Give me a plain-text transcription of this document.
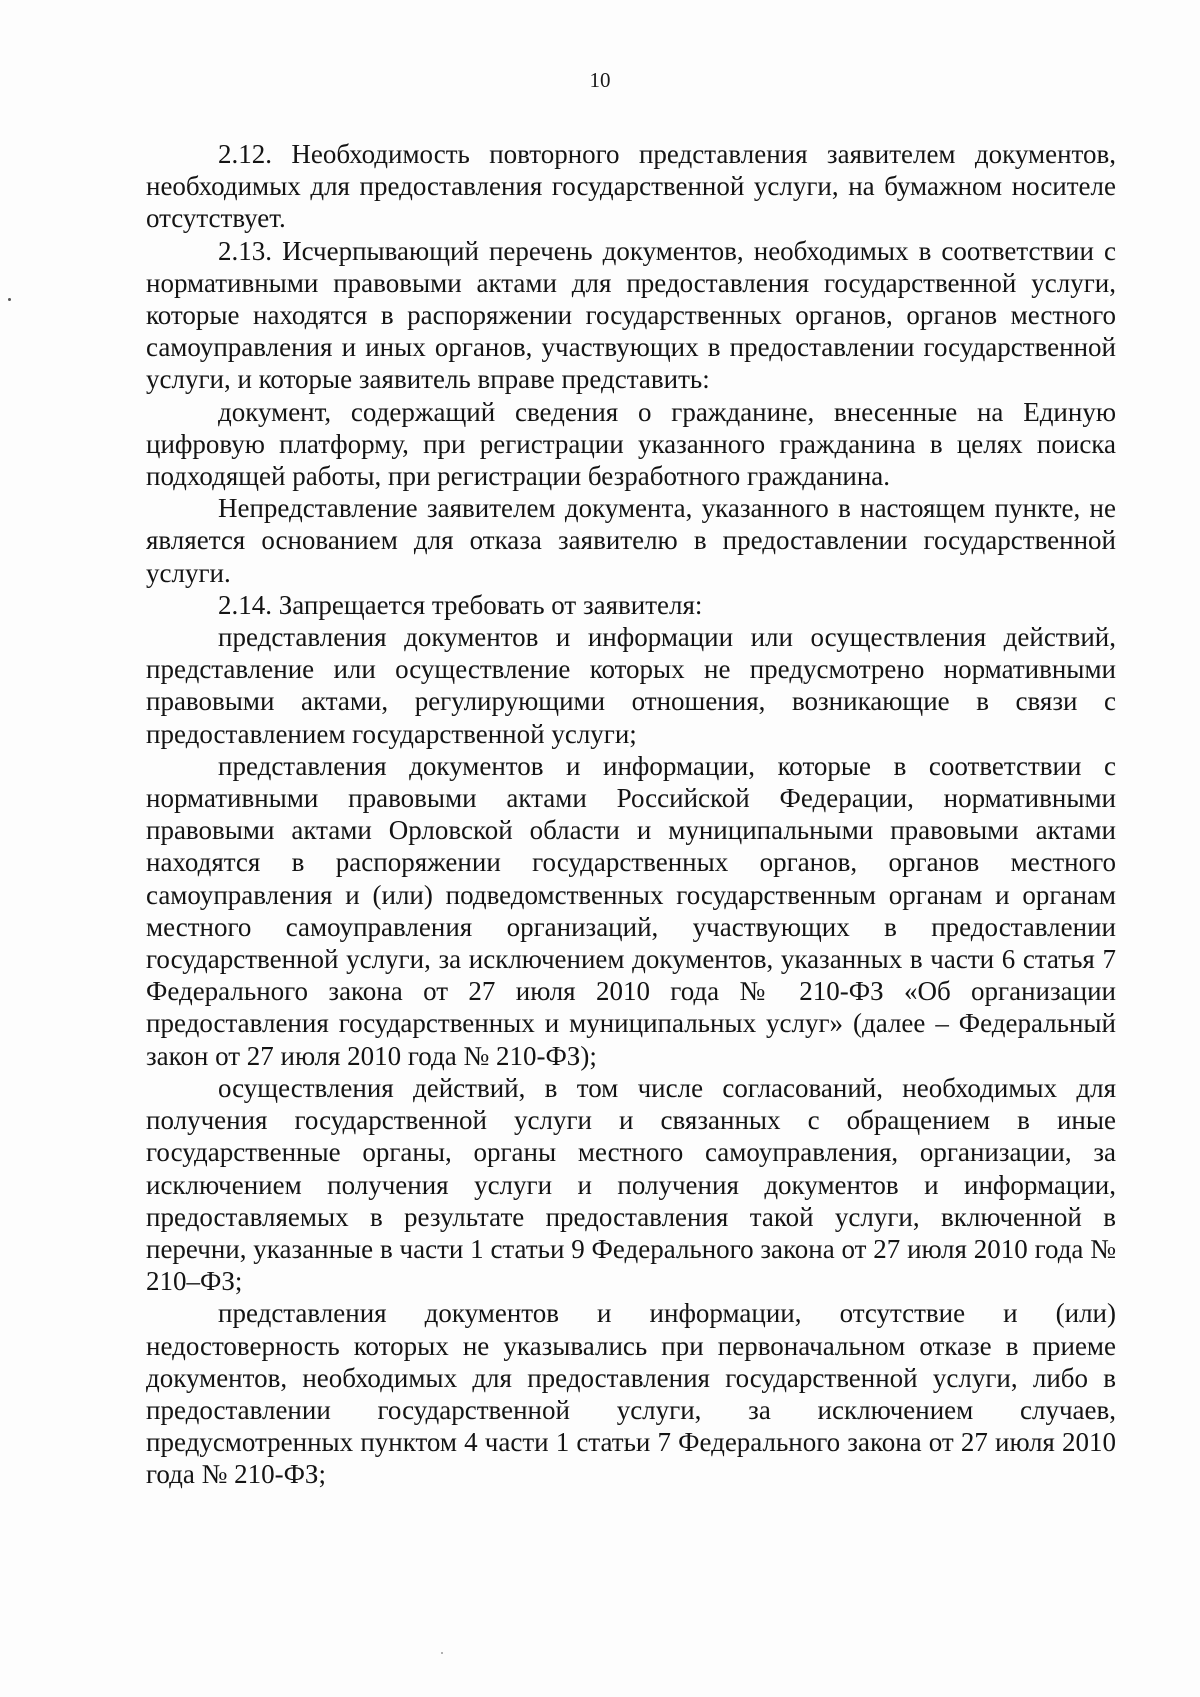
10

2.12. Необходимость повторного представления заявителем документов, необходимых для предоставления государственной услуги, на бумажном носителе отсутствует.

2.13. Исчерпывающий перечень документов, необходимых в соответствии с нормативными правовыми актами для предоставления государственной услуги, которые находятся в распоряжении государственных органов, органов местного самоуправления и иных органов, участвующих в предоставлении государственной услуги, и которые заявитель вправе представить:

документ, содержащий сведения о гражданине, внесенные на Единую цифровую платформу, при регистрации указанного гражданина в целях поиска подходящей работы, при регистрации безработного гражданина.

Непредставление заявителем документа, указанного в настоящем пункте, не является основанием для отказа заявителю в предоставлении государственной услуги.

2.14. Запрещается требовать от заявителя:

представления документов и информации или осуществления действий, представление или осуществление которых не предусмотрено нормативными правовыми актами, регулирующими отношения, возникающие в связи с предоставлением государственной услуги;

представления документов и информации, которые в соответствии с нормативными правовыми актами Российской Федерации, нормативными правовыми актами Орловской области и муниципальными правовыми актами находятся в распоряжении государственных органов, органов местного самоуправления и (или) подведомственных государственным органам и органам местного самоуправления организаций, участвующих в предоставлении государственной услуги, за исключением документов, указанных в части 6 статья 7 Федерального закона от 27 июля 2010 года № 210-ФЗ «Об организации предоставления государственных и муниципальных услуг» (далее – Федеральный закон от 27 июля 2010 года № 210-ФЗ);

осуществления действий, в том числе согласований, необходимых для получения государственной услуги и связанных с обращением в иные государственные органы, органы местного самоуправления, организации, за исключением получения услуги и получения документов и информации, предоставляемых в результате предоставления такой услуги, включенной в перечни, указанные в части 1 статьи 9 Федерального закона от 27 июля 2010 года № 210–ФЗ;

представления документов и информации, отсутствие и (или) недостоверность которых не указывались при первоначальном отказе в приеме документов, необходимых для предоставления государственной услуги, либо в предоставлении государственной услуги, за исключением случаев, предусмотренных пунктом 4 части 1 статьи 7 Федерального закона от 27 июля 2010 года № 210-ФЗ;
